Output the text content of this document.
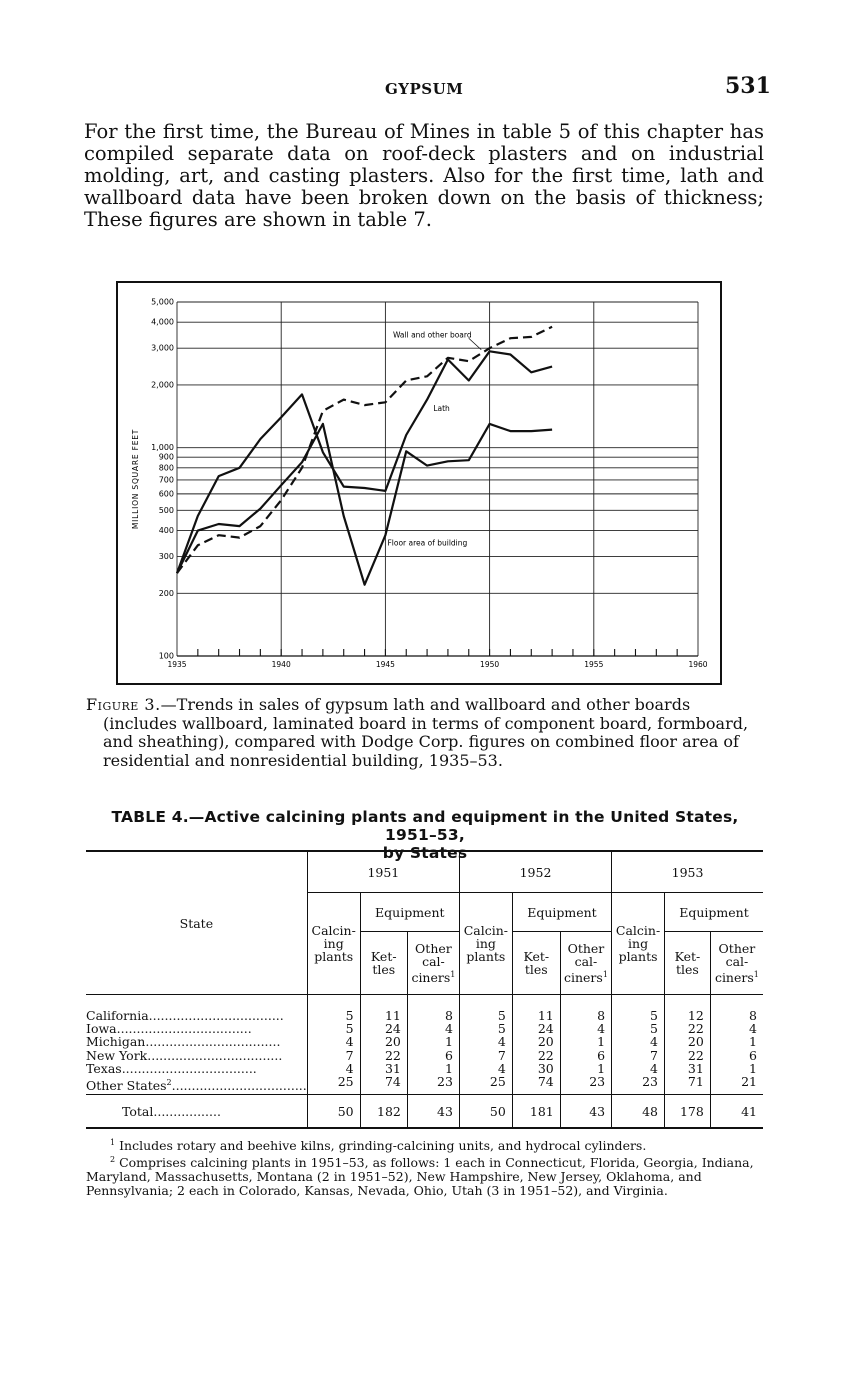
GYPSUM	531

For the first time, the Bureau of Mines in table 5 of this chapter has compiled separate data on roof-deck plasters and on industrial molding, art, and casting plasters. Also for the first time, lath and wallboard data have been broken down on the basis of thickness; These figures are shown in table 7.

100
200
300
400
500
600
700
800
900
1,000
2,000
3,000
4,000
5,000
1935	1940	1945	1950	1955	1960
MILLION SQUARE FEET
Wall and other board
Lath
Floor area of building

Figure 3.—Trends in sales of gypsum lath and wallboard and other boards
(includes wallboard, laminated board in terms of component board, formboard,
and sheathing), compared with Dodge Corp. figures on combined floor area of
residential and nonresidential building, 1935–53.

TABLE 4.—Active calcining plants and equipment in the United States, 1951–53,
by States
State	1951			1952			1953		
	Calcin-ing plants	Equipment		Calcin-ing plants	Equipment		Calcin-ing plants	Equipment	
		Ket-tles	Other cal-ciners$^1$		Ket-tles	Other cal-ciners$^1$		Ket-tles	Other cal-ciners$^1$
California..................................	5	11	8	5	11	8	5	12	8
Iowa..................................	5	24	4	5	24	4	5	22	4
Michigan..................................	4	20	1	4	20	1	4	20	1
New York..................................	7	22	6	7	22	6	7	22	6
Texas..................................	4	31	1	4	30	1	4	31	1
Other States$^2$..................................	25	74	23	25	74	23	23	71	21
Total.................	50	182	43	50	181	43	48	178	41
$^1$ Includes rotary and beehive kilns, grinding-calcining units, and hydrocal cylinders.
$^2$ Comprises calcining plants in 1951–53, as follows: 1 each in Connecticut, Florida, Georgia, Indiana, Maryland, Massachusetts, Montana (2 in 1951–52), New Hampshire, New Jersey, Oklahoma, and Pennsylvania; 2 each in Colorado, Kansas, Nevada, Ohio, Utah (3 in 1951–52), and Virginia.
